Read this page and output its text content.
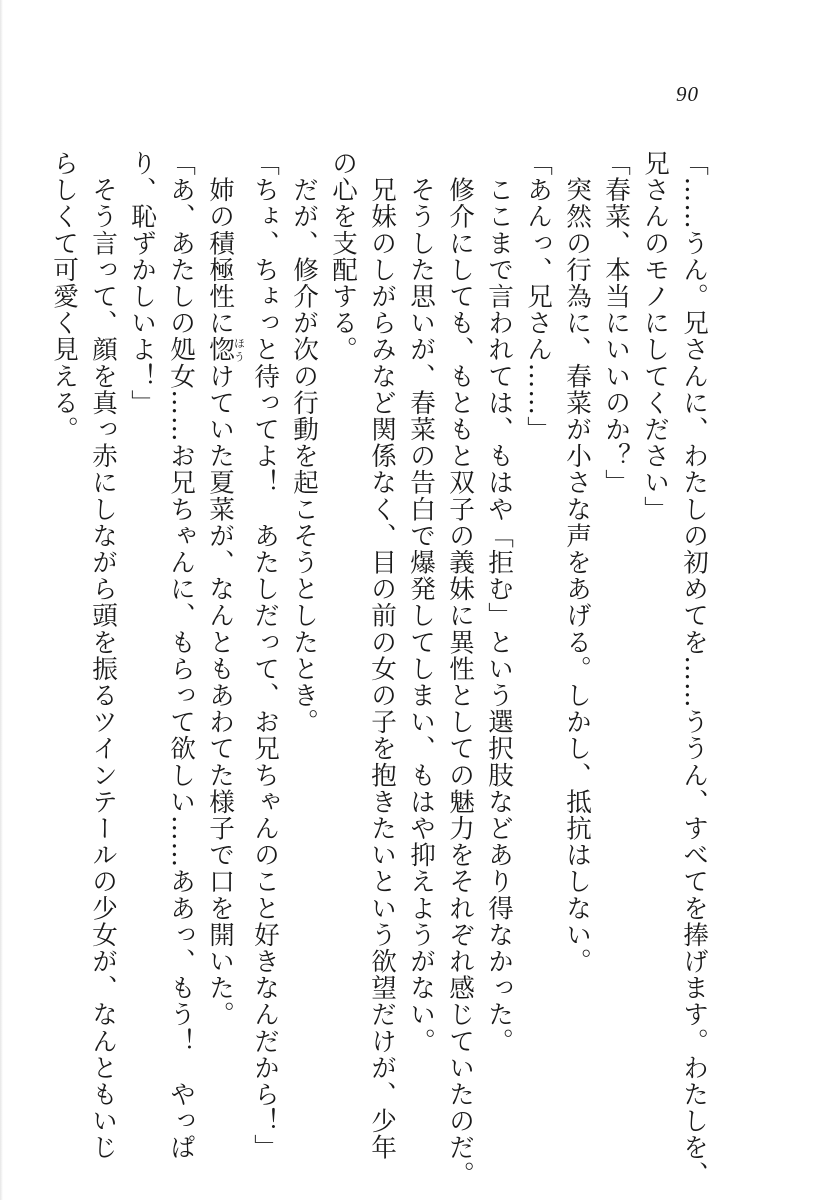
90
「……うん。兄さんに、わたしの初めてを……ううん、すべてを捧げます。わたしを、
兄さんのモノにしてください」
「春菜、本当にいいのか？」
　突然の行為に、春菜が小さな声をあげる。しかし、抵抗はしない。
「あんっ、兄さん……」
　ここまで言われては、もはや「拒む」という選択肢などあり得なかった。
　修介にしても、もともと双子の義妹に異性としての魅力をそれぞれ感じていたのだ。
　そうした思いが、春菜の告白で爆発してしまい、もはや抑えようがない。
　兄妹のしがらみなど関係なく、目の前の女の子を抱きたいという欲望だけが、少年
の心を支配する。
　だが、修介が次の行動を起こそうとしたとき。
「ちょ、ちょっと待ってよ！　あたしだって、お兄ちゃんのこと好きなんだから！」
　姉の積極性に惚ほうけていた夏菜が、なんともあわてた様子で口を開いた。
「あ、あたしの処女……お兄ちゃんに、もらって欲しい……ああっ、もう！　やっぱ
り、恥ずかしいよ！」
　そう言って、顔を真っ赤にしながら頭を振るツインテールの少女が、なんともいじ
らしくて可愛く見える。
